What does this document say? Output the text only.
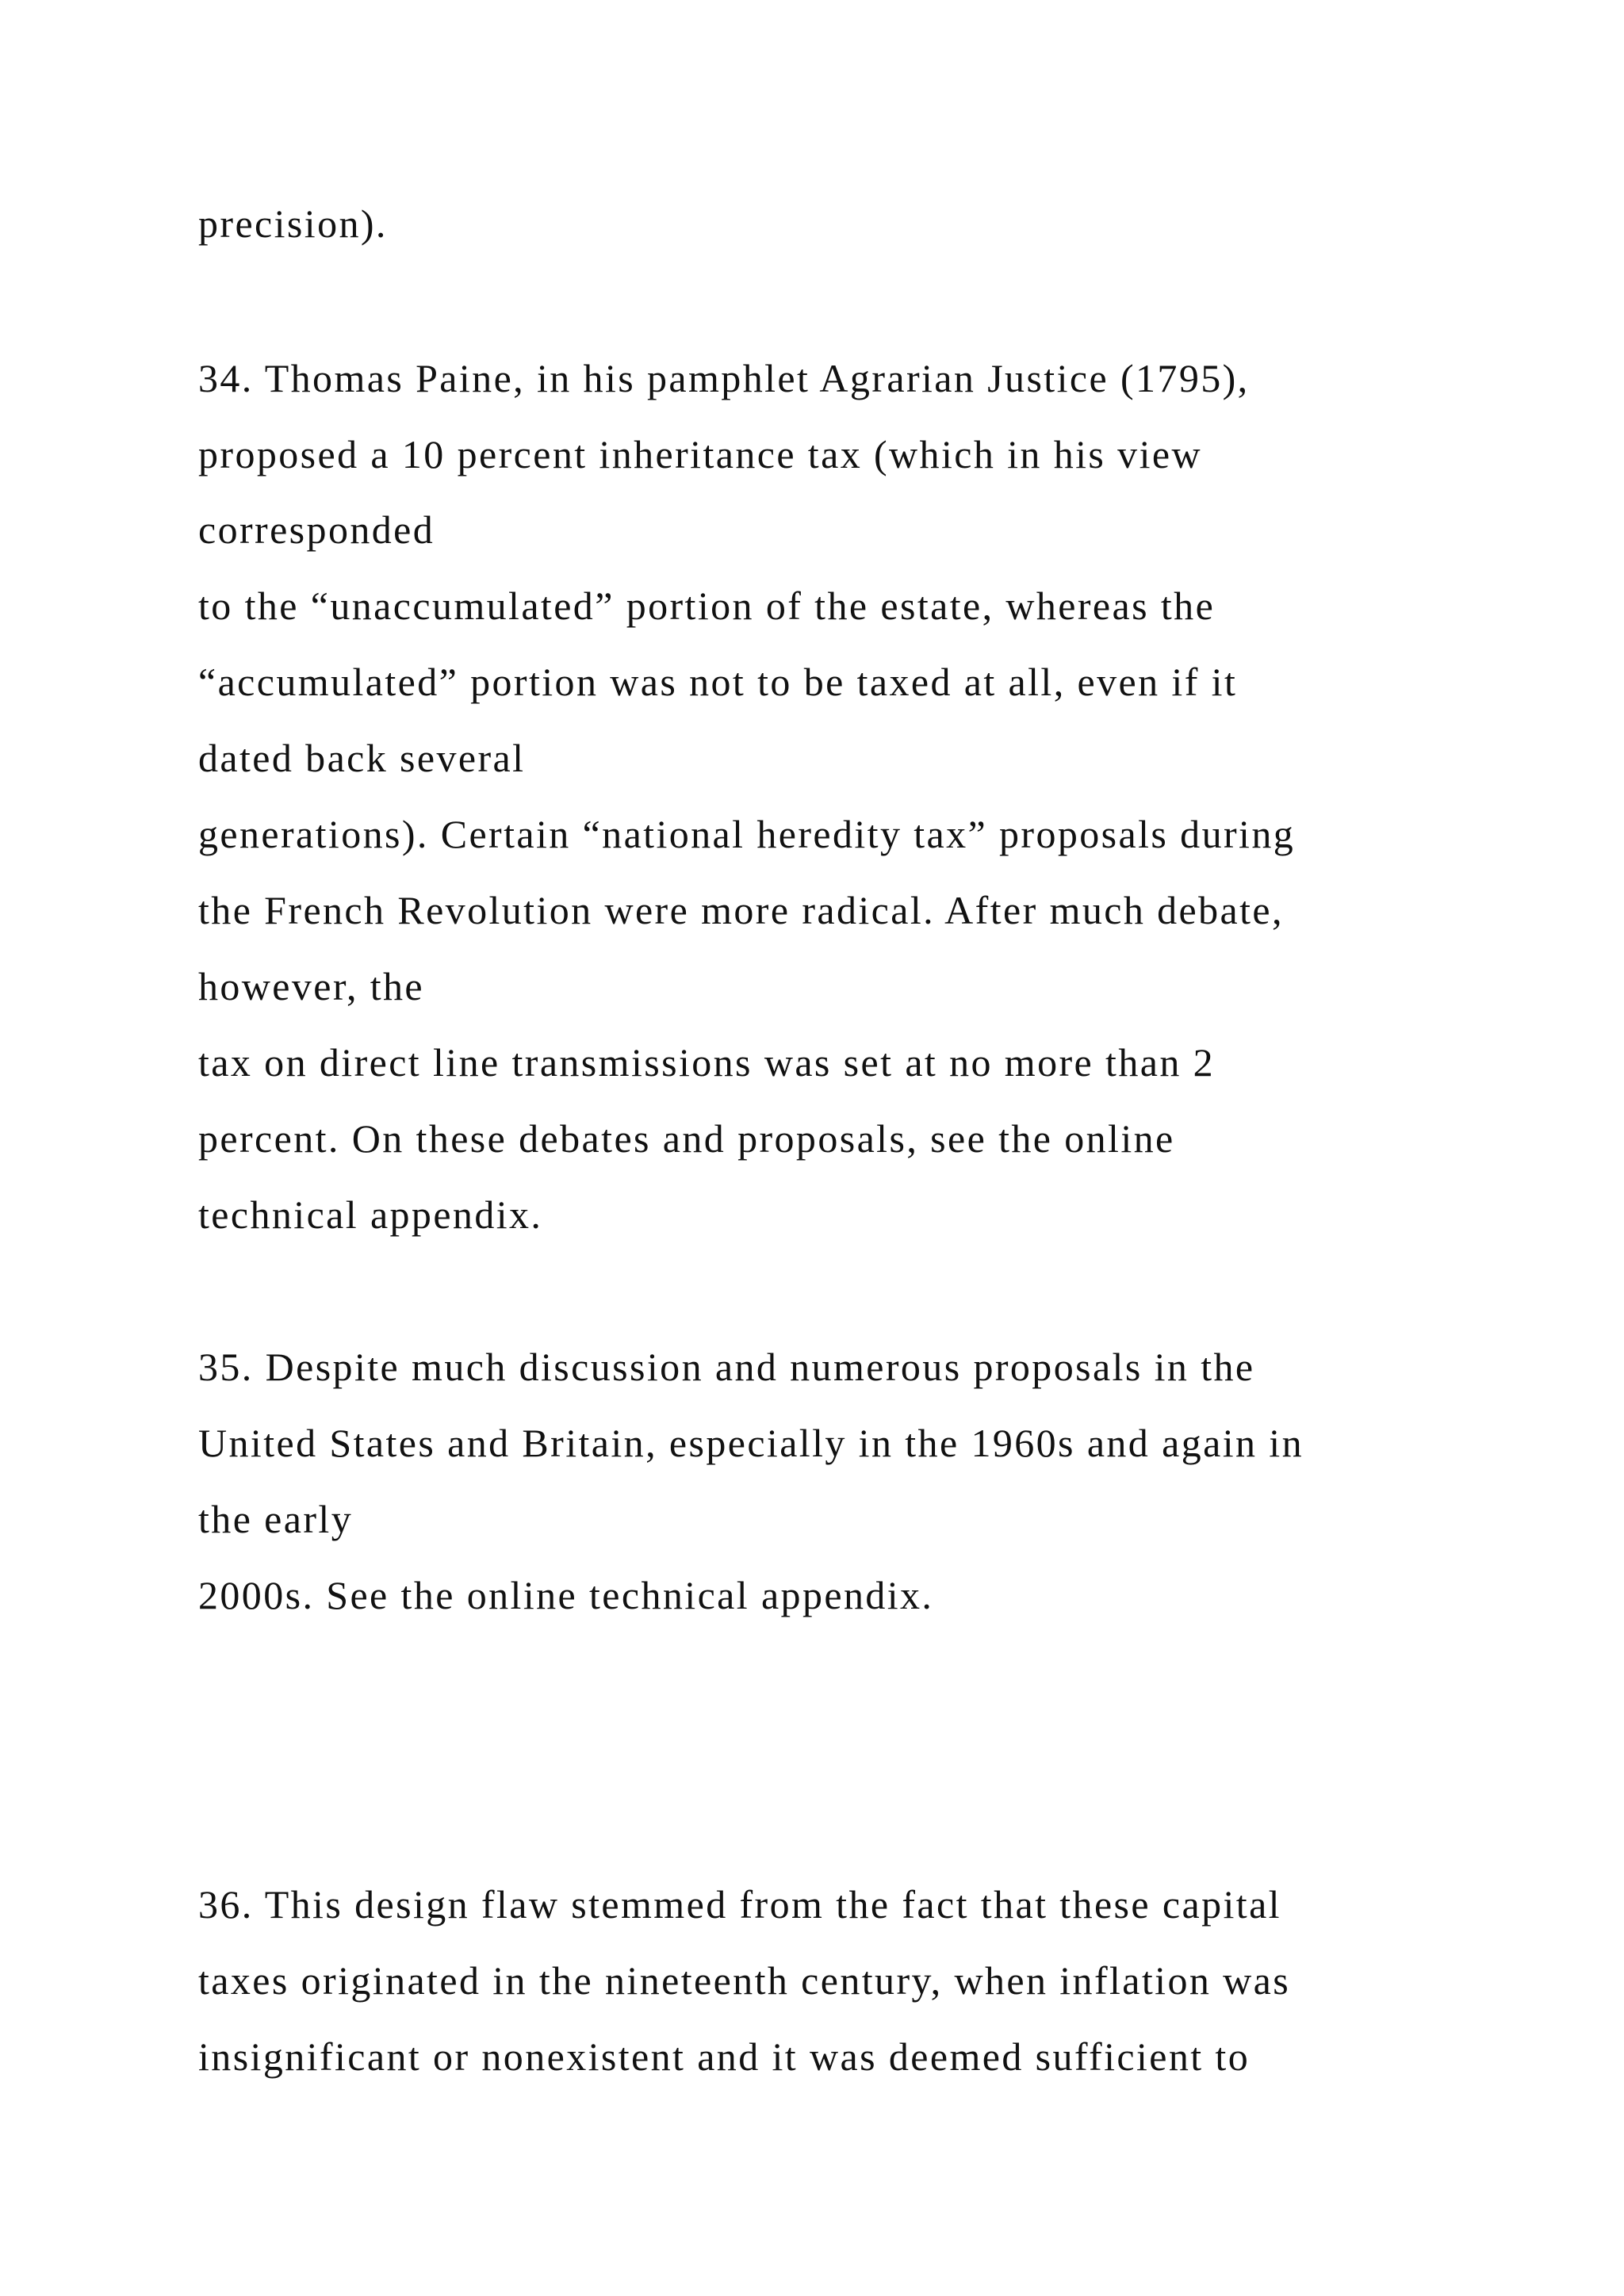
precision).

34. Thomas Paine, in his pamphlet Agrarian Justice (1795),

proposed a 10 percent inheritance tax (which in his view

corresponded

to the “unaccumulated” portion of the estate, whereas the

“accumulated” portion was not to be taxed at all, even if it

dated back several

generations). Certain “national heredity tax” proposals during

the French Revolution were more radical. After much debate,

however, the

tax on direct line transmissions was set at no more than 2

percent. On these debates and proposals, see the online

technical appendix.

35. Despite much discussion and numerous proposals in the

United States and Britain, especially in the 1960s and again in

the early

2000s. See the online technical appendix.

36. This design flaw stemmed from the fact that these capital

taxes originated in the nineteenth century, when inflation was

insignificant or nonexistent and it was deemed sufficient to
